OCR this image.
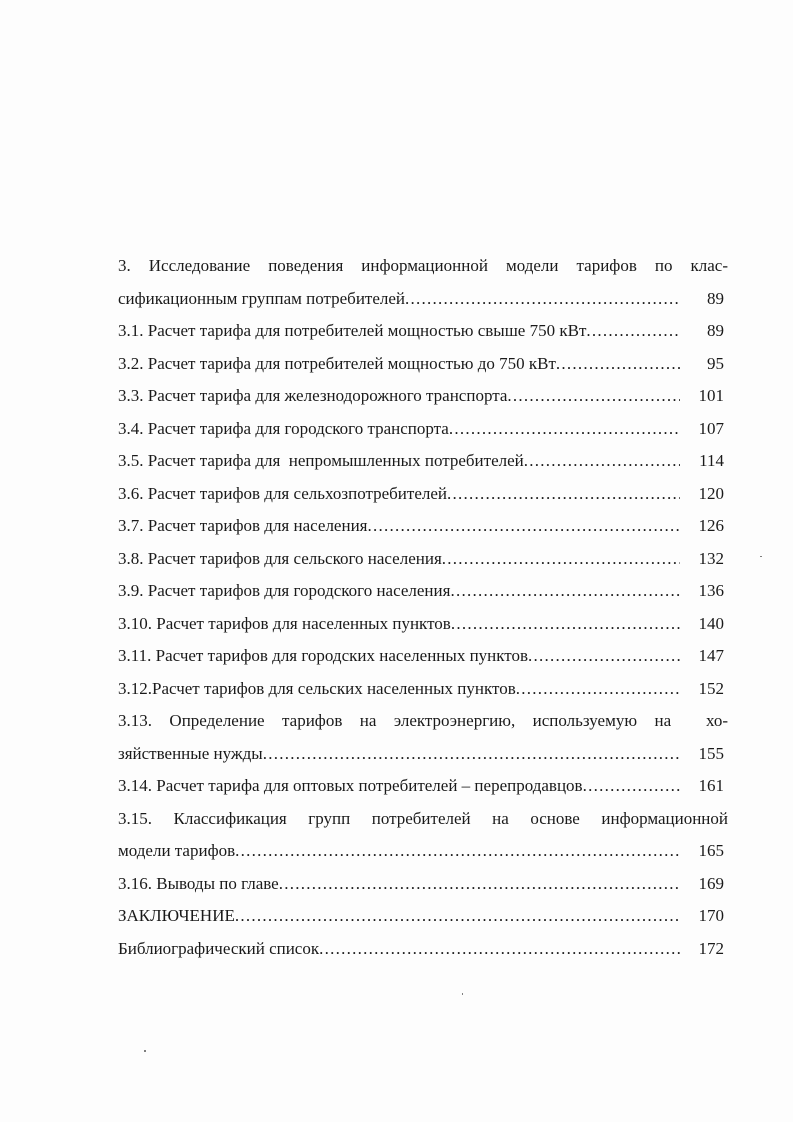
3. Исследование поведения информационной модели тарифов по клас-
сификационным группам потребителей . . .	89
3.1. Расчет тарифа для потребителей мощностью свыше 750 кВт . . .	89
3.2. Расчет тарифа для потребителей мощностью до 750 кВт . . .	95
3.3. Расчет тарифа для железнодорожного транспорта . . .	101
3.4. Расчет тарифа для городского транспорта . . .	107
3.5. Расчет тарифа для  непромышленных потребителей . . .	114
3.6. Расчет тарифов для сельхозпотребителей . . .	120
3.7. Расчет тарифов для населения . . .	126
3.8. Расчет тарифов для сельского населения . . .	132
3.9. Расчет тарифов для городского населения . . .	136
3.10. Расчет тарифов для населенных пунктов . . .	140
3.11. Расчет тарифов для городских населенных пунктов . . .	147
3.12.Расчет тарифов для сельских населенных пунктов . . .	152
3.13. Определение тарифов на электроэнергию, используемую на  хо-
зяйственные нужды . . .	155
3.14. Расчет тарифа для оптовых потребителей – перепродавцов . . .	161
3.15. Классификация групп потребителей на основе информационной
модели тарифов . . .	165
3.16. Выводы по главе . . .	169
ЗАКЛЮЧЕНИЕ . . .	170
Библиографический список . . .	172
